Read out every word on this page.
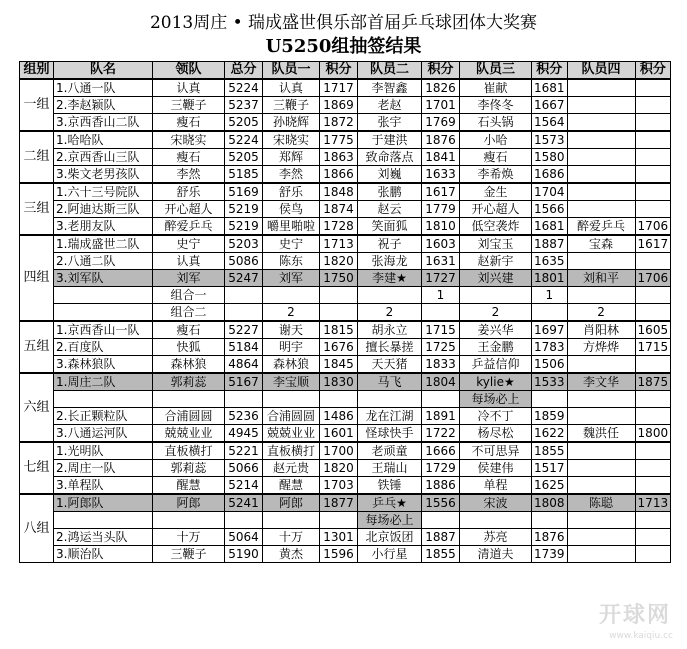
2013周庄 • 瑞成盛世俱乐部首届乒乓球团体大奖赛
U5250组抽签结果
组别	队名	领队	总分	队员一	积分	队员二	积分	队员三	积分	队员四	积分
一组	1.八通一队	认真	5224	认真	1717	李智鑫	1826	崔献	1681		
	2.李赵颖队	三鞭子	5237	三鞭子	1869	老赵	1701	李佟冬	1667		
	3.京西香山二队	瘦石	5205	孙晓辉	1872	张宇	1769	石头锅	1564		
二组	1.哈哈队	宋晓实	5224	宋晓实	1775	于建洪	1876	小哈	1573		
	2.京西香山三队	瘦石	5205	郑辉	1863	致命落点	1841	瘦石	1580		
	3.柴文老男孩队	李然	5185	李然	1866	刘巍	1633	李希焕	1686		
三组	1.六十三号院队	舒乐	5169	舒乐	1848	张鹏	1617	金生	1704		
	2.阿迪达斯三队	开心超人	5219	侯鸟	1874	赵云	1779	开心超人	1566		
	3.老朋友队	醉爱乒乓	5219	嚼里啪啦	1728	笑面狐	1810	低空袭炸	1681	醉爱乒乓	1706
四组	1.瑞成盛世二队	史宁	5203	史宁	1713	祝子	1603	刘宝玉	1887	宝森	1617
	2.八通二队	认真	5086	陈东	1820	张海龙	1631	赵新宇	1635		
	3.刘军队	刘军	5247	刘军	1750	李建★	1727	刘兴建	1801	刘和平	1706
		组合一					1		1		
		组合二		2		2		2		2	
五组	1.京西香山一队	瘦石	5227	谢天	1815	胡永立	1715	姜兴华	1697	肖阳林	1605
	2.百度队	快狐	5184	明宇	1676	擅长暴搓	1725	王金鹏	1783	方烨烨	1715
	3.森林狼队	森林狼	4864	森林狼	1845	天天猪	1833	乒益信仰	1506		
六组	1.周庄二队	郭莉蕊	5167	李宝顺	1830	马飞	1804	kylie★	1533	李文华	1875
								每场必上			
	2.长正颗粒队	合浦圆圆	5236	合浦圆圆	1486	龙在江湖	1891	冷不丁	1859		
	3.八通运河队	兢兢业业	4945	兢兢业业	1601	怪球快手	1722	杨尽松	1622	魏洪任	1800
七组	1.光明队	直板横打	5221	直板横打	1700	老顽童	1666	不可思异	1855		
	2.周庄一队	郭莉蕊	5066	赵元贵	1820	王瑞山	1729	侯建伟	1517		
	3.单程队	醒慧	5214	醒慧	1703	铁锤	1886	单程	1625		
八组	1.阿郎队	阿郎	5241	阿郎	1877	乒乓★	1556	宋波	1808	陈聪	1713
						每场必上					
	2.鸿运当头队	十万	5064	十万	1301	北京饭团	1887	苏亮	1876		
	3.顺治队	三鞭子	5190	黄杰	1596	小行星	1855	清道夫	1739		
开球网
www.kaiqiu.cc
